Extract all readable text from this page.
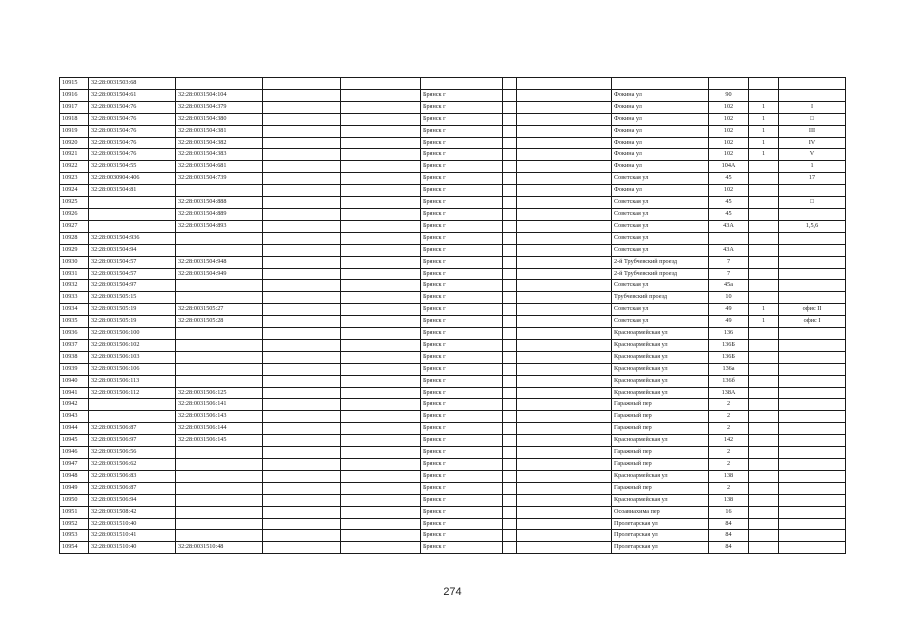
10915	32:28:0031503:68										
10916	32:28:0031504:61	32:28:0031504:104			Брянск г			Фокина ул	90		
10917	32:28:0031504:76	32:28:0031504:379			Брянск г			Фокина ул	102	1	I
10918	32:28:0031504:76	32:28:0031504:380			Брянск г			Фокина ул	102	1	□
10919	32:28:0031504:76	32:28:0031504:381			Брянск г			Фокина ул	102	1	III
10920	32:28:0031504:76	32:28:0031504:382			Брянск г			Фокина ул	102	1	IV
10921	32:28:0031504:76	32:28:0031504:383			Брянск г			Фокина ул	102	1	V
10922	32:28:0031504:55	32:28:0031504:681			Брянск г			Фокина ул	104А		1
10923	32:28:0030904:406	32:28:0031504:739			Брянск г			Советская ул	45		17
10924	32:28:0031504:81				Брянск г			Фокина ул	102		
10925		32:28:0031504:888			Брянск г			Советская ул	45		□
10926		32:28:0031504:889			Брянск г			Советская ул	45		
10927		32:28:0031504:893			Брянск г			Советская ул	43А		1,5,6
10928	32:28:0031504:936				Брянск г			Советская ул			
10929	32:28:0031504:94				Брянск г			Советская ул	43А		
10930	32:28:0031504:57	32:28:0031504:948			Брянск г			2-й Трубчевский проезд	7		
10931	32:28:0031504:57	32:28:0031504:949			Брянск г			2-й Трубчевский проезд	7		
10932	32:28:0031504:97				Брянск г			Советская ул	45а		
10933	32:28:0031505:15				Брянск г			Трубчевский проезд	10		
10934	32:28:0031505:19	32:28:0031505:27			Брянск г			Советская ул	49	1	офис II
10935	32:28:0031505:19	32:28:0031505:28			Брянск г			Советская ул	49	1	офис I
10936	32:28:0031506:100				Брянск г			Красноармейская ул	136		
10937	32:28:0031506:102				Брянск г			Красноармейская ул	136Б		
10938	32:28:0031506:103				Брянск г			Красноармейская ул	136Б		
10939	32:28:0031506:106				Брянск г			Красноармейская ул	136а		
10940	32:28:0031506:113				Брянск г			Красноармейская ул	136б		
10941	32:28:0031506:112	32:28:0031506:125			Брянск г			Красноармейская ул	138А		
10942		32:28:0031506:141			Брянск г			Гаражный пер	2		
10943		32:28:0031506:143			Брянск г			Гаражный пер	2		
10944	32:28:0031506:87	32:28:0031506:144			Брянск г			Гаражный пер	2		
10945	32:28:0031506:97	32:28:0031506:145			Брянск г			Красноармейская ул	142		
10946	32:28:0031506:56				Брянск г			Гаражный пер	2		
10947	32:28:0031506:62				Брянск г			Гаражный пер	2		
10948	32:28:0031506:83				Брянск г			Красноармейская ул	138		
10949	32:28:0031506:87				Брянск г			Гаражный пер	2		
10950	32:28:0031506:94				Брянск г			Красноармейская ул	138		
10951	32:28:0031508:42				Брянск г			Осоавиахима пер	16		
10952	32:28:0031510:40				Брянск г			Пролетарская ул	84		
10953	32:28:0031510:41				Брянск г			Пролетарская ул	84		
10954	32:28:0031510:40	32:28:0031510:48			Брянск г			Пролетарская ул	84		
274
